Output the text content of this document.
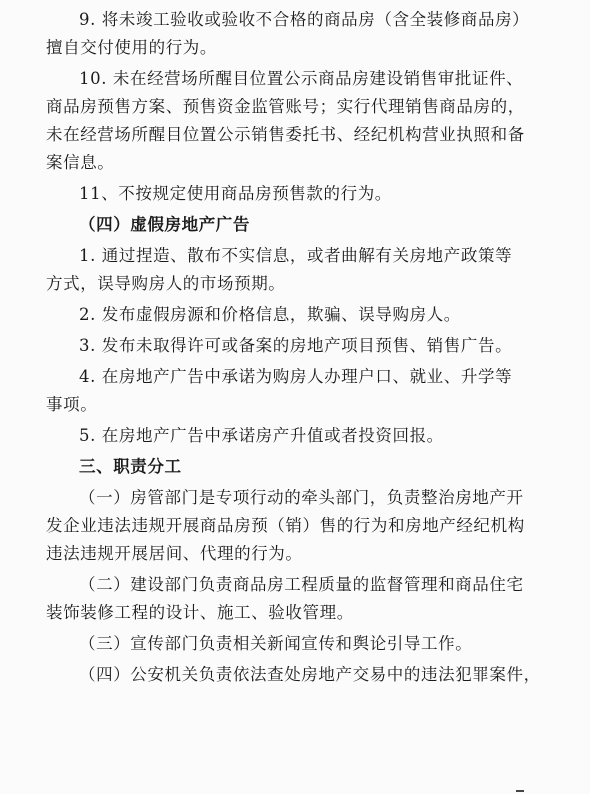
9. 将未竣工验收或验收不合格的商品房（含全装修商品房）

擅自交付使用的行为。

10. 未在经营场所醒目位置公示商品房建设销售审批证件、

商品房预售方案、预售资金监管账号；实行代理销售商品房的，

未在经营场所醒目位置公示销售委托书、经纪机构营业执照和备

案信息。

11、不按规定使用商品房预售款的行为。

（四）虚假房地产广告

1. 通过捏造、散布不实信息，或者曲解有关房地产政策等

方式，误导购房人的市场预期。

2. 发布虚假房源和价格信息，欺骗、误导购房人。

3. 发布未取得许可或备案的房地产项目预售、销售广告。

4. 在房地产广告中承诺为购房人办理户口、就业、升学等

事项。

5. 在房地产广告中承诺房产升值或者投资回报。

三、职责分工

（一）房管部门是专项行动的牵头部门，负责整治房地产开

发企业违法违规开展商品房预（销）售的行为和房地产经纪机构

违法违规开展居间、代理的行为。

（二）建设部门负责商品房工程质量的监督管理和商品住宅

装饰装修工程的设计、施工、验收管理。

（三）宣传部门负责相关新闻宣传和舆论引导工作。

（四）公安机关负责依法查处房地产交易中的违法犯罪案件，
